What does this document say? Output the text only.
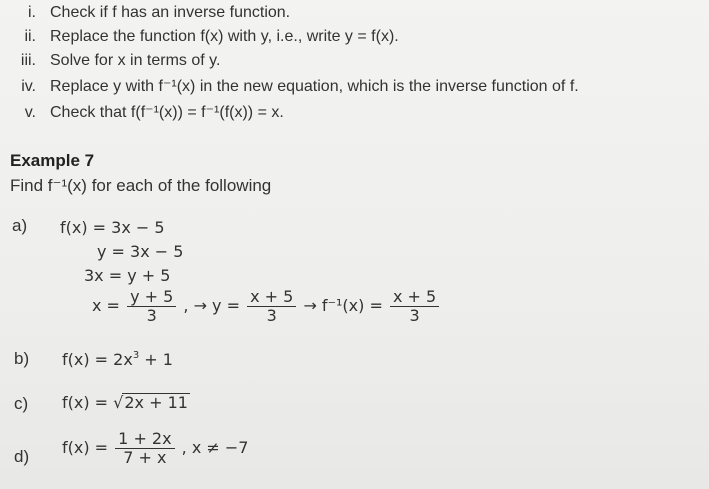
i. Check if f has an inverse function.
ii. Replace the function f(x) with y, i.e., write y = f(x).
iii. Solve for x in terms of y.
iv. Replace y with f⁻¹(x) in the new equation, which is the inverse function of f.
v. Check that f(f⁻¹(x)) = f⁻¹(f(x)) = x.
Example 7
Find f⁻¹(x) for each of the following
a) f(x) = 3x − 5
y = 3x − 5
3x = y + 5
$x = \frac{y + 5}{3}$ , → $y = \frac{x + 5}{3} \to f^{-1}(x) = \frac{x + 5}{3}$
b) $f(x) = 2x^3 + 1$
c) f(x) = √2x + 11
d) $f(x) = \frac{1 + 2x}{7 + x}$ , x ≠ −7
